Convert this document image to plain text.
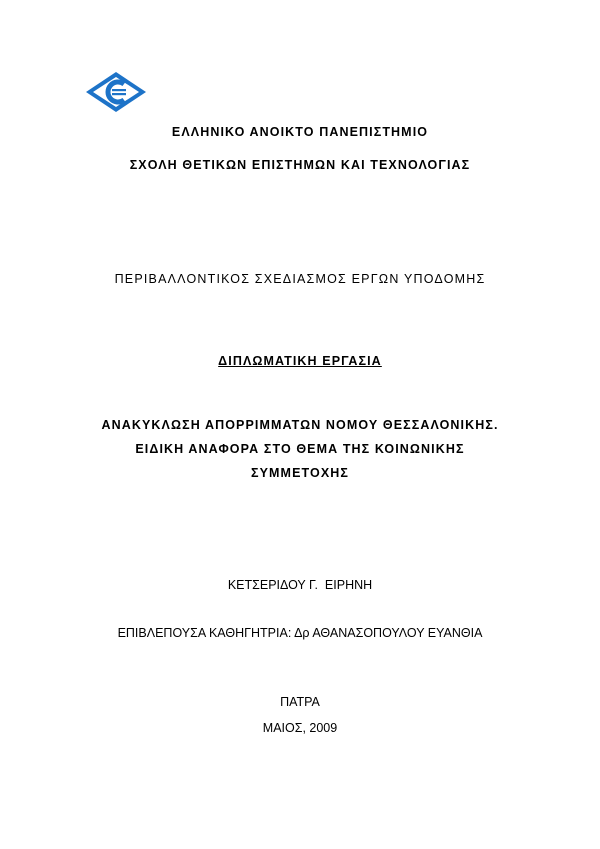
ΕΛΛΗΝΙΚΟ ΑΝΟΙΚΤΟ ΠΑΝΕΠΙΣΤΗΜΙΟ
ΣΧΟΛΗ ΘΕΤΙΚΩΝ ΕΠΙΣΤΗΜΩΝ ΚΑΙ ΤΕΧΝΟΛΟΓΙΑΣ
ΠΕΡΙΒΑΛΛΟΝΤΙΚΟΣ ΣΧΕΔΙΑΣΜΟΣ ΕΡΓΩΝ ΥΠΟΔΟΜΗΣ
ΔΙΠΛΩΜΑΤΙΚΗ ΕΡΓΑΣΙΑ
ΑΝΑΚΥΚΛΩΣΗ ΑΠΟΡΡΙΜΜΑΤΩΝ ΝΟΜΟΥ ΘΕΣΣΑΛΟΝΙΚΗΣ.
ΕΙΔΙΚΗ ΑΝΑΦΟΡΑ ΣΤΟ ΘΕΜΑ ΤΗΣ ΚΟΙΝΩΝΙΚΗΣ
ΣΥΜΜΕΤΟΧΗΣ
ΚΕΤΣΕΡΙΔΟΥ Γ.  ΕΙΡΗΝΗ
ΕΠΙΒΛΕΠΟΥΣΑ ΚΑΘΗΓΗΤΡΙΑ: Δρ ΑΘΑΝΑΣΟΠΟΥΛΟΥ ΕΥΑΝΘΙΑ
ΠΑΤΡΑ
ΜΑΙΟΣ, 2009
